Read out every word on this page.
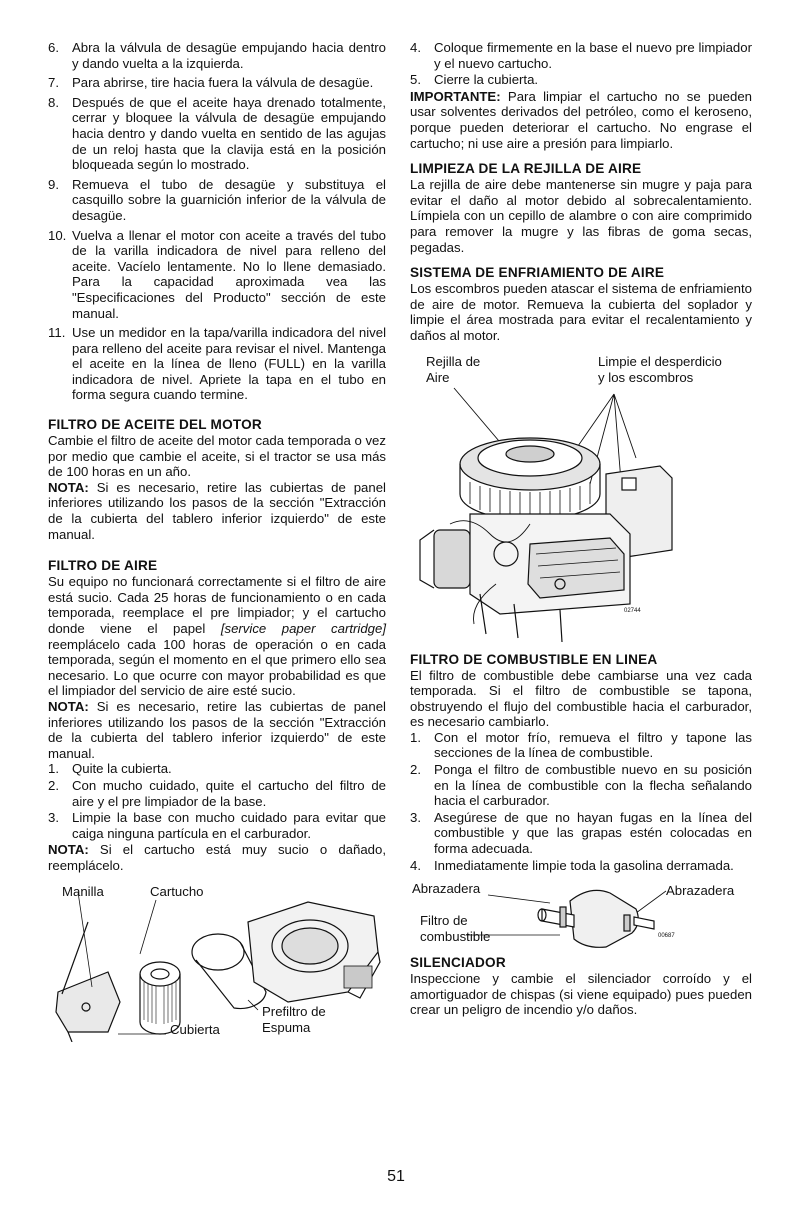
6. Abra la válvula de desagüe empujando hacia dentro y dando vuelta a la izquierda.
7. Para abrirse, tire hacia fuera la válvula de desagüe.
8. Después de que el aceite haya drenado totalmente, cerrar y bloquee la válvula de desagüe empujando hacia dentro y dando vuelta en sentido de las agujas de un reloj hasta que la clavija está en la posición bloqueada según lo mostrado.
9. Remueva el tubo de desagüe y substituya el casquillo sobre la guarnición inferior de la válvula de desagüe.
10. Vuelva a llenar el motor con aceite a través del tubo de la varilla indicadora de nivel para relleno del aceite. Vacíelo lentamente. No lo llene demasiado. Para la capacidad aproximada vea las "Especificaciones del Producto" sección de este manual.
11. Use un medidor en la tapa/varilla indicadora del nivel para relleno del aceite para revisar el nivel. Mantenga el aceite en la línea de lleno (FULL) en la varilla indicadora de nivel. Apriete la tapa en el tubo en forma segura cuando termine.
FILTRO DE ACEITE DEL MOTOR

Cambie el filtro de aceite del motor cada temporada o vez por medio que cambie el aceite, si el tractor se usa más de 100 horas en un año.

NOTA: Si es necesario, retire las cubiertas de panel inferiores utilizando los pasos de la sección "Extracción de la cubierta del tablero inferior izquierdo" de este manual.

FILTRO DE AIRE

Su equipo no funcionará correctamente si el filtro de aire está sucio. Cada 25 horas de funcionamiento o en cada temporada, reemplace el pre limpiador; y el cartucho donde viene el papel [service paper cartridge] reemplácelo cada 100 horas de operación o en cada temporada, según el momento en el que primero ello sea necesario. Lo que ocurre con mayor probabilidad es que el limpiador del servicio de aire esté sucio.

NOTA: Si es necesario, retire las cubiertas de panel inferiores utilizando los pasos de la sección "Extracción de la cubierta del tablero inferior izquierdo" de este manual.

1. Quite la cubierta.
2. Con mucho cuidado, quite el cartucho del filtro de aire y el pre limpiador de la base.
3. Limpie la base con mucho cuidado para evitar que caiga ninguna partícula en el carburador.

NOTA: Si el cartucho está muy sucio o dañado, reemplácelo.

Manilla	Cartucho
Prefiltro de
Espuma
Cubierta
4. Coloque firmemente en la base el nuevo pre limpiador y el nuevo cartucho.
5. Cierre la cubierta.

IMPORTANTE: Para limpiar el cartucho no se pueden usar solventes derivados del petróleo, como el keroseno, porque pueden deteriorar el cartucho. No engrase el cartucho; ni use aire a presión para limpiarlo.

LIMPIEZA DE LA REJILLA DE AIRE

La rejilla de aire debe mantenerse sin mugre y paja para evitar el daño al motor debido al sobrecalentamiento. Límpiela con un cepillo de alambre o con aire comprimido para remover la mugre y las fibras de goma secas, pegadas.

SISTEMA DE ENFRIAMIENTO DE AIRE

Los escombros pueden atascar el sistema de enfriamiento de aire de motor. Remueva la cubierta del soplador y limpie el área mostrada para evitar el recalentamiento y daños al motor.

Rejilla de
Aire
Limpie el desperdicio
y los escombros
02744
FILTRO DE COMBUSTIBLE EN LINEA

El filtro de combustible debe cambiarse una vez cada temporada. Si el filtro de combustible se tapona, obstruyendo el flujo del combustible hacia el carburador, es necesario cambiarlo.

1. Con el motor frío, remueva el filtro y tapone las secciones de la línea de combustible.
2. Ponga el filtro de combustible nuevo en su posición en la línea de combustible con la flecha señalando hacia el carburador.
3. Asegúrese de que no hayan fugas en la línea del combustible y que las grapas estén colocadas en forma adecuada.
4. Inmediatamente limpie toda la gasolina derramada.
Abrazadera	Abrazadera
Filtro de
combustible	00687
SILENCIADOR

Inspeccione y cambie el silenciador corroído y el amortiguador de chispas (si viene equipado) pues pueden crear un peligro de incendio y/o daños.

51
